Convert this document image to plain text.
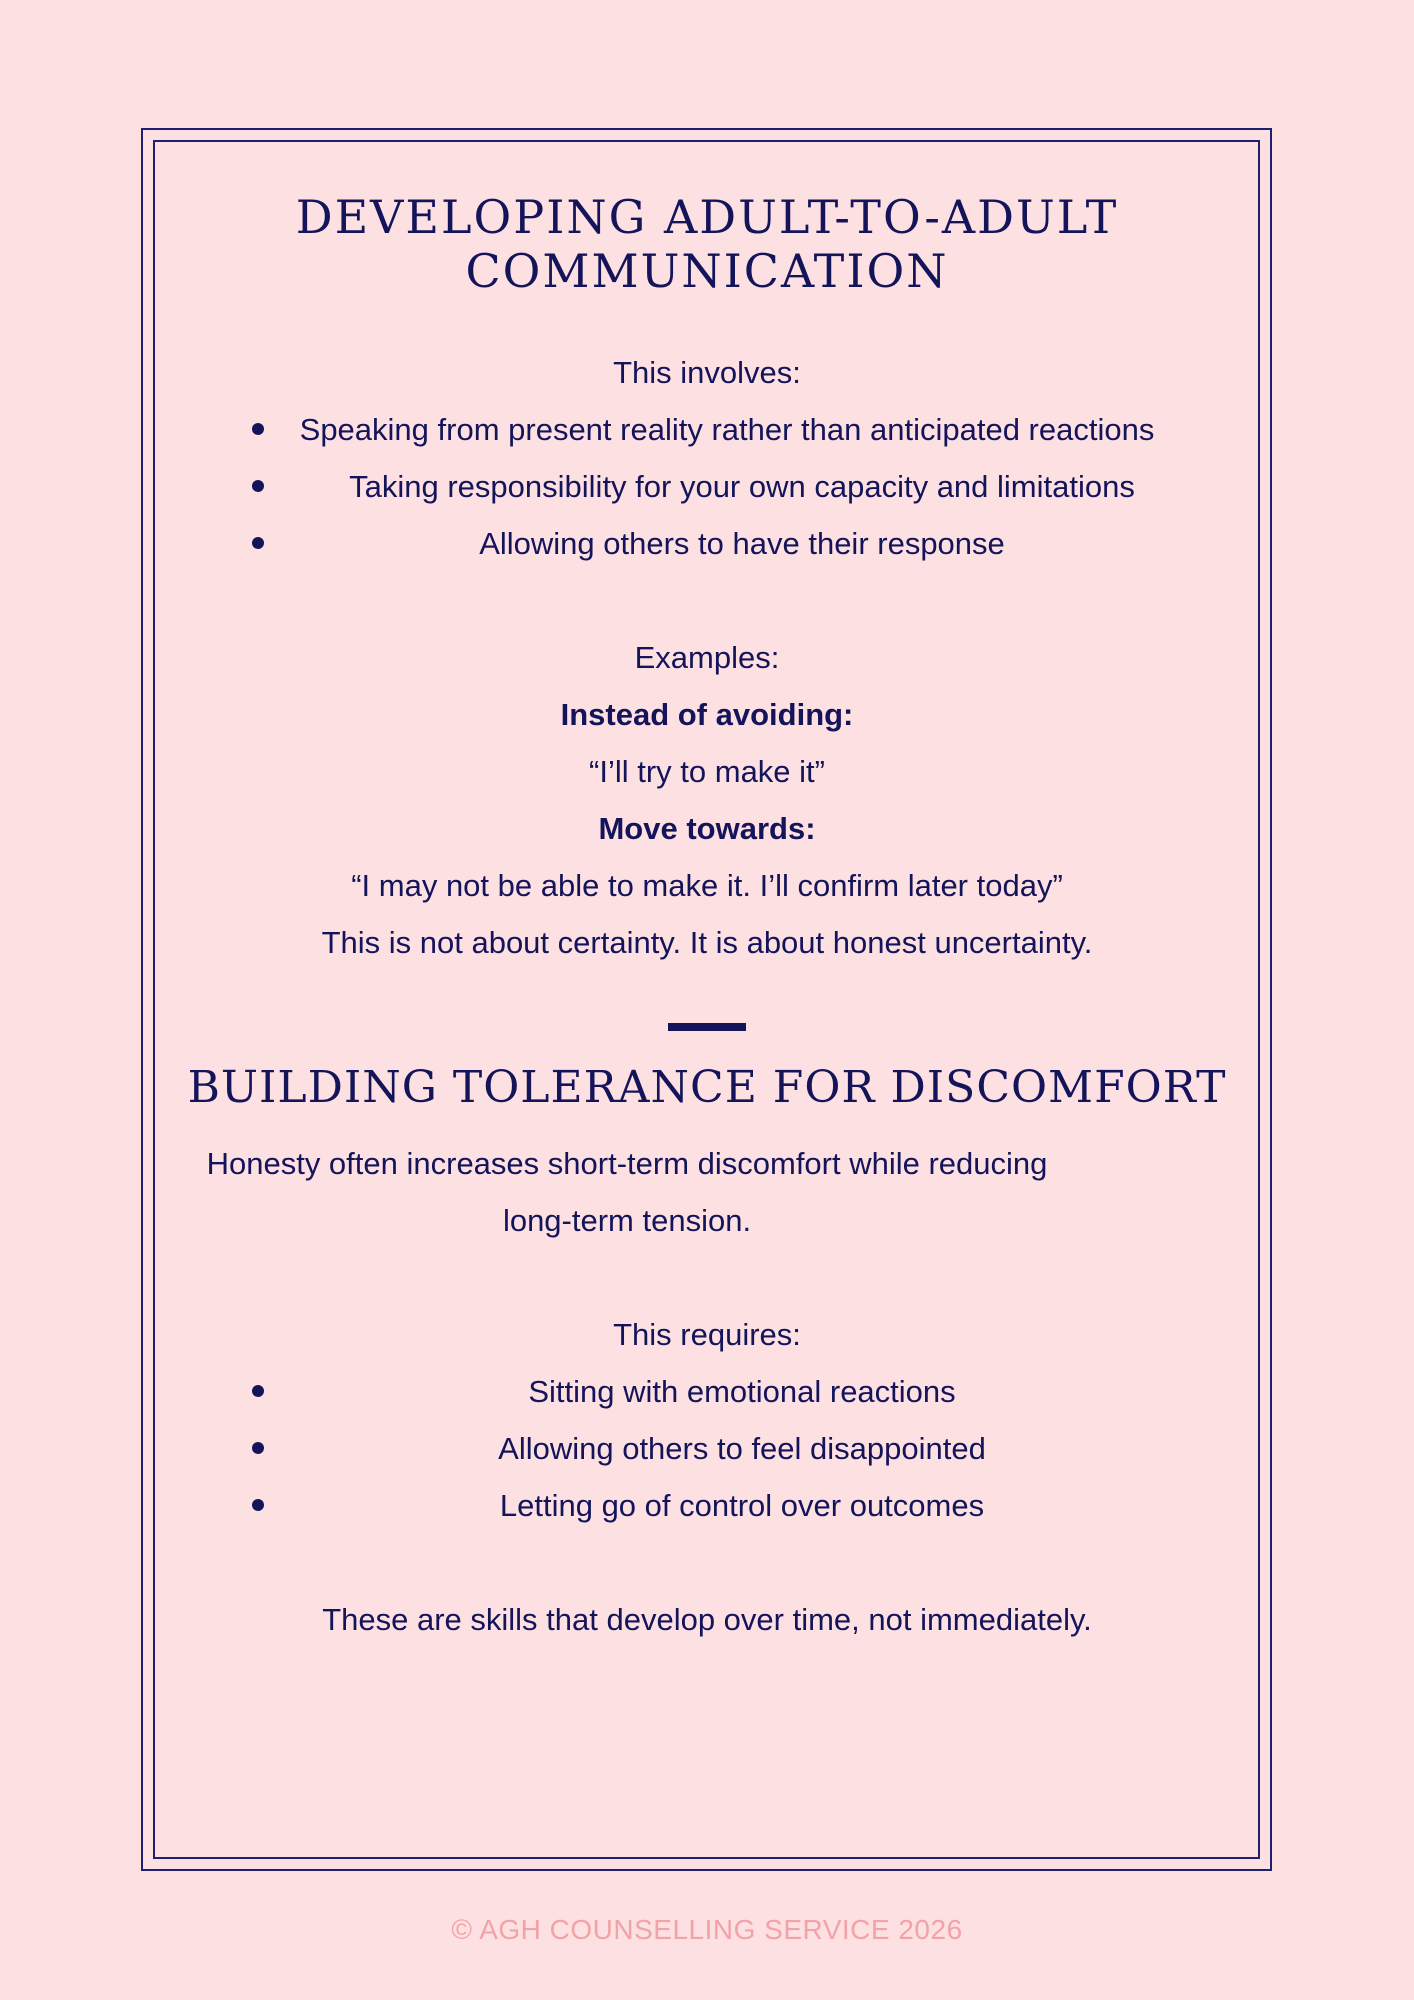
DEVELOPING ADULT-TO-ADULT
COMMUNICATION

This involves:

Speaking from present reality rather than anticipated reactions
Taking responsibility for your own capacity and limitations
Allowing others to have their response

Examples:

Instead of avoiding:

“I’ll try to make it”

Move towards:

“I may not be able to make it. I’ll confirm later today”

This is not about certainty. It is about honest uncertainty.

BUILDING TOLERANCE FOR DISCOMFORT

Honesty often increases short-term discomfort while reducing long-term tension.

This requires:

Sitting with emotional reactions
Allowing others to feel disappointed
Letting go of control over outcomes

These are skills that develop over time, not immediately.

© AGH COUNSELLING SERVICE 2026
